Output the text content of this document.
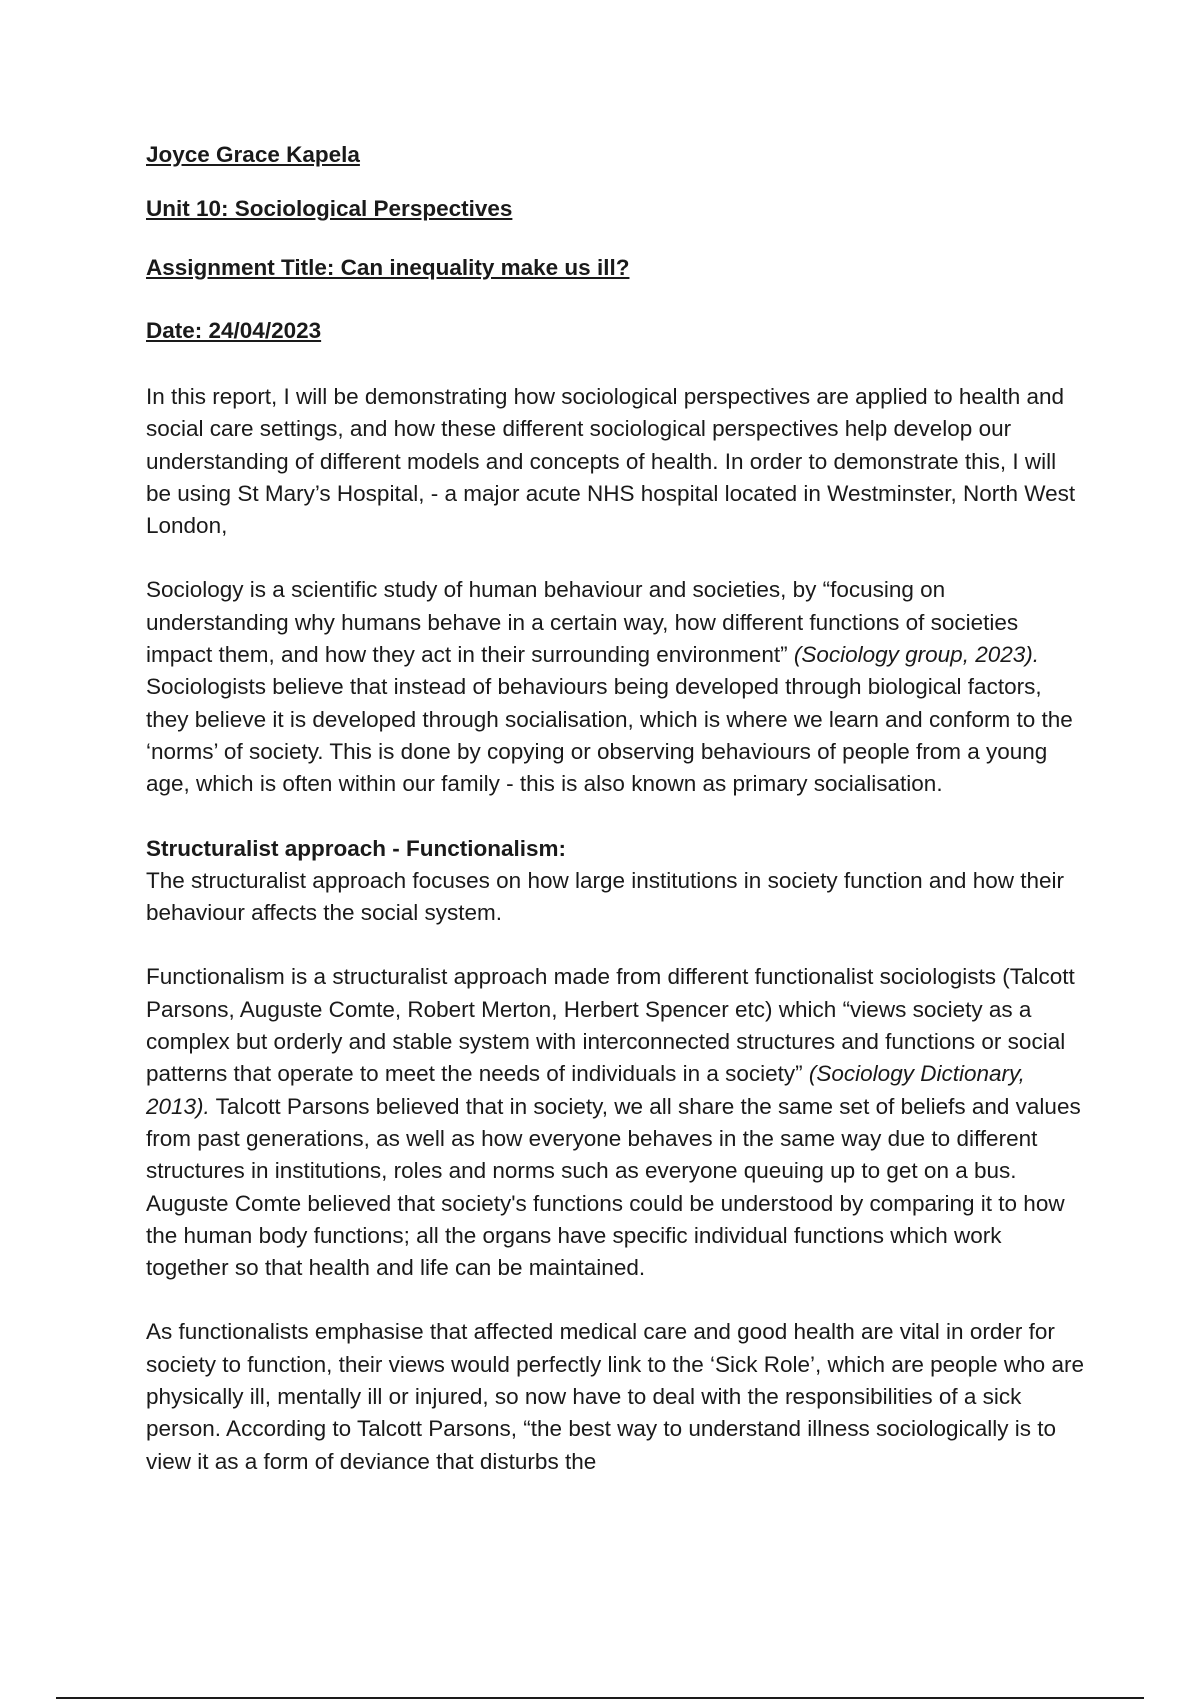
Joyce Grace Kapela

Unit 10: Sociological Perspectives

Assignment Title: Can inequality make us ill?

Date: 24/04/2023

In this report, I will be demonstrating how sociological perspectives are applied to health and social care settings, and how these different sociological perspectives help develop our understanding of different models and concepts of health. In order to demonstrate this, I will be using St Mary’s Hospital, - a major acute NHS hospital located in Westminster, North West London,

Sociology is a scientific study of human behaviour and societies, by “focusing on understanding why humans behave in a certain way, how different functions of societies impact them, and how they act in their surrounding environment” (Sociology group, 2023). Sociologists believe that instead of behaviours being developed through biological factors, they believe it is developed through socialisation, which is where we learn and conform to the ‘norms’ of society. This is done by copying or observing behaviours of people from a young age, which is often within our family - this is also known as primary socialisation.

Structuralist approach - Functionalism:

The structuralist approach focuses on how large institutions in society function and how their behaviour affects the social system.

Functionalism is a structuralist approach made from different functionalist sociologists (Talcott Parsons, Auguste Comte, Robert Merton, Herbert Spencer etc) which “views society as a complex but orderly and stable system with interconnected structures and functions or social patterns that operate to meet the needs of individuals in a society” (Sociology Dictionary, 2013). Talcott Parsons believed that in society, we all share the same set of beliefs and values from past generations, as well as how everyone behaves in the same way due to different structures in institutions, roles and norms such as everyone queuing up to get on a bus. Auguste Comte believed that society's functions could be understood by comparing it to how the human body functions; all the organs have specific individual functions which work together so that health and life can be maintained.

As functionalists emphasise that affected medical care and good health are vital in order for society to function, their views would perfectly link to the ‘Sick Role’, which are people who are physically ill, mentally ill or injured, so now have to deal with the responsibilities of a sick person. According to Talcott Parsons, “the best way to understand illness sociologically is to view it as a form of deviance that disturbs the
